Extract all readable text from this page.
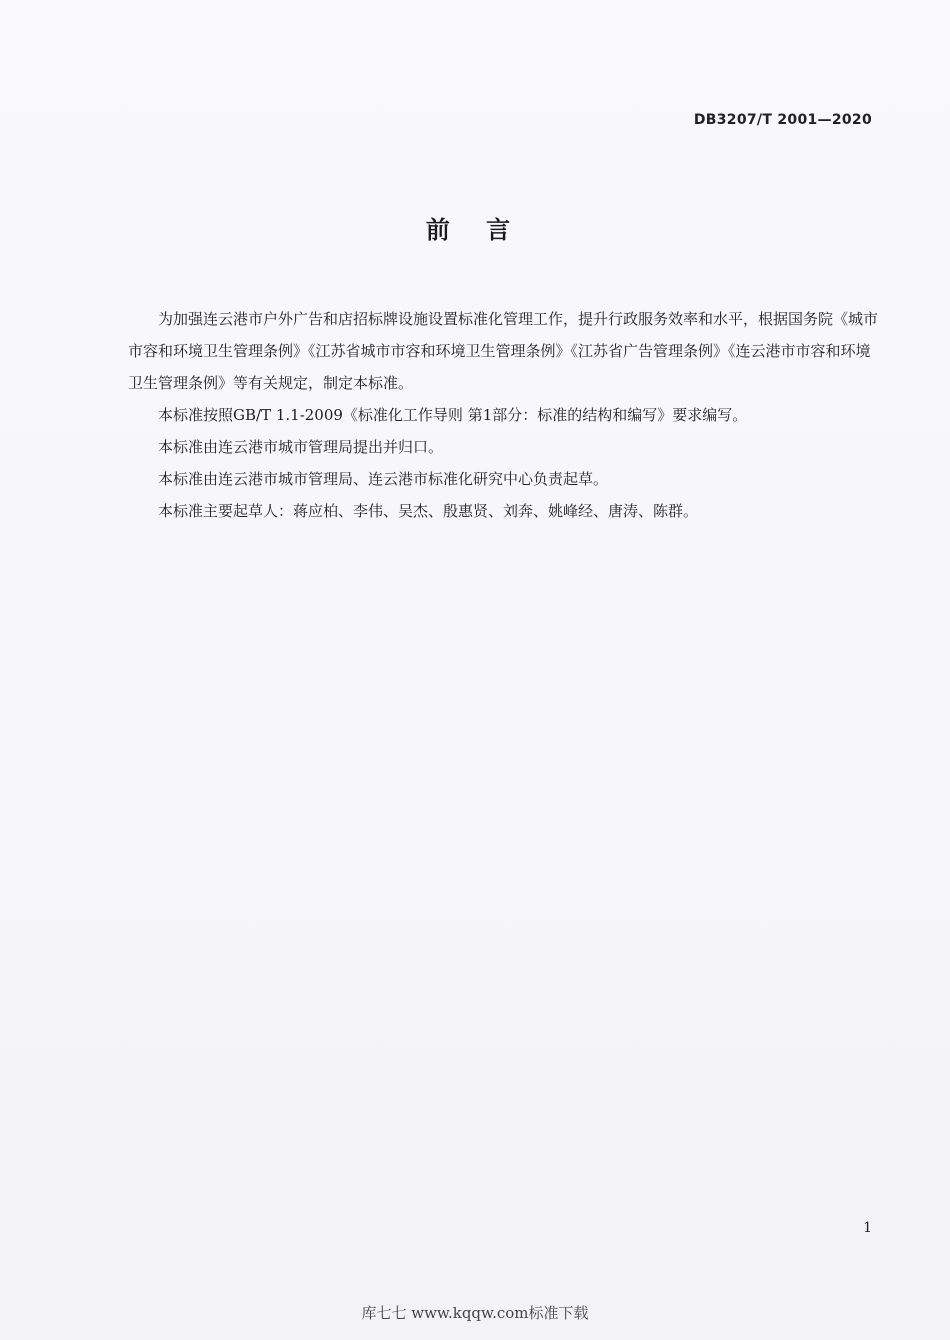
DB3207/T 2001—2020
前 言

为加强连云港市户外广告和店招标牌设施设置标准化管理工作，提升行政服务效率和水平，根据国务院《城市市容和环境卫生管理条例》《江苏省城市市容和环境卫生管理条例》《江苏省广告管理条例》《连云港市市容和环境卫生管理条例》等有关规定，制定本标准。

本标准按照GB/T 1.1-2009《标准化工作导则 第1部分：标准的结构和编写》要求编写。

本标准由连云港市城市管理局提出并归口。

本标准由连云港市城市管理局、连云港市标准化研究中心负责起草。

本标准主要起草人：蒋应柏、李伟、吴杰、殷惠贤、刘奔、姚峰经、唐涛、陈群。

1
库七七 www.kqqw.com标准下载
